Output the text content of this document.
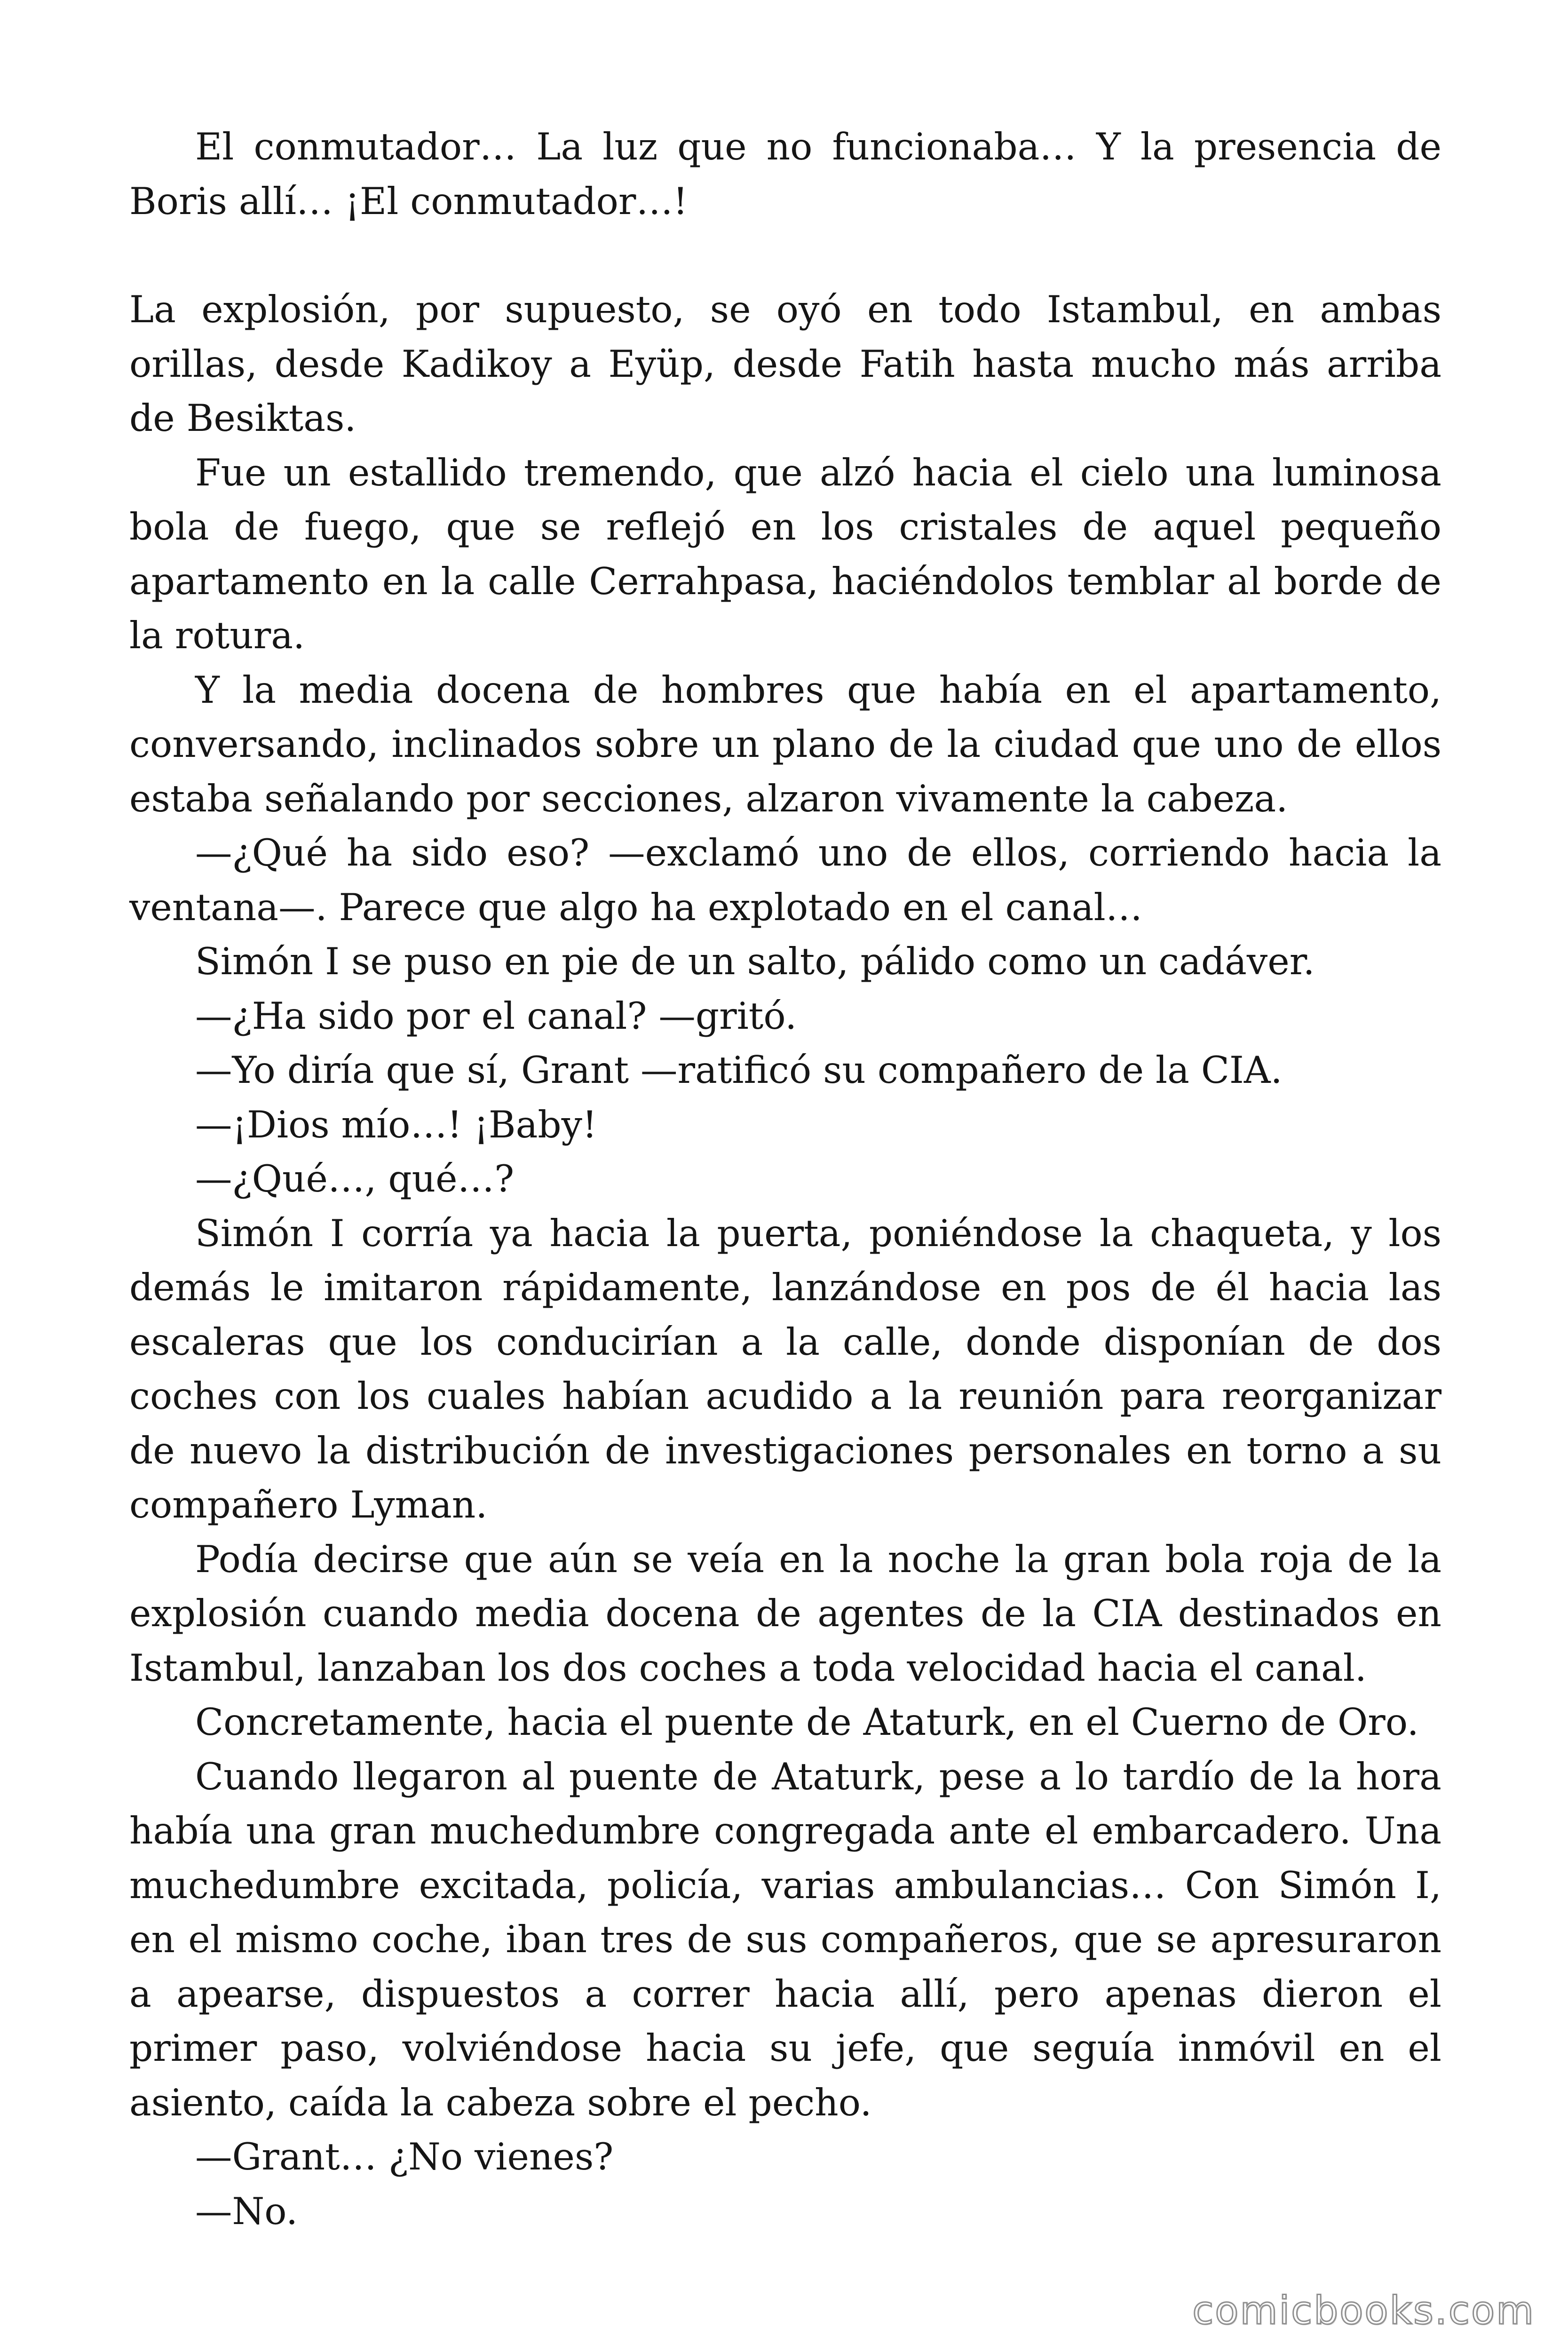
El conmutador… La luz que no funcionaba… Y la presencia de Boris allí… ¡El conmutador…!

La explosión, por supuesto, se oyó en todo Istambul, en ambas orillas, desde Kadikoy a Eyüp, desde Fatih hasta mucho más arriba de Besiktas.

Fue un estallido tremendo, que alzó hacia el cielo una luminosa bola de fuego, que se reflejó en los cristales de aquel pequeño apartamento en la calle Cerrahpasa, haciéndolos temblar al borde de la rotura.

Y la media docena de hombres que había en el apartamento, conversando, inclinados sobre un plano de la ciudad que uno de ellos estaba señalando por secciones, alzaron vivamente la cabeza.

—¿Qué ha sido eso? —exclamó uno de ellos, corriendo hacia la ventana—. Parece que algo ha explotado en el canal…

Simón I se puso en pie de un salto, pálido como un cadáver.

—¿Ha sido por el canal? —gritó.

—Yo diría que sí, Grant —ratificó su compañero de la CIA.

—¡Dios mío…! ¡Baby!

—¿Qué…, qué…?

Simón I corría ya hacia la puerta, poniéndose la chaqueta, y los demás le imitaron rápidamente, lanzándose en pos de él hacia las escaleras que los conducirían a la calle, donde disponían de dos coches con los cuales habían acudido a la reunión para reorganizar de nuevo la distribución de investigaciones personales en torno a su compañero Lyman.

Podía decirse que aún se veía en la noche la gran bola roja de la explosión cuando media docena de agentes de la CIA destinados en Istambul, lanzaban los dos coches a toda velocidad hacia el canal.

Concretamente, hacia el puente de Ataturk, en el Cuerno de Oro.

Cuando llegaron al puente de Ataturk, pese a lo tardío de la hora había una gran muchedumbre congregada ante el embarcadero. Una muchedumbre excitada, policía, varias ambulancias… Con Simón I, en el mismo coche, iban tres de sus compañeros, que se apresuraron a apearse, dispuestos a correr hacia allí, pero apenas dieron el primer paso, volviéndose hacia su jefe, que seguía inmóvil en el asiento, caída la cabeza sobre el pecho.

—Grant… ¿No vienes?

—No.

comicbooks.com
